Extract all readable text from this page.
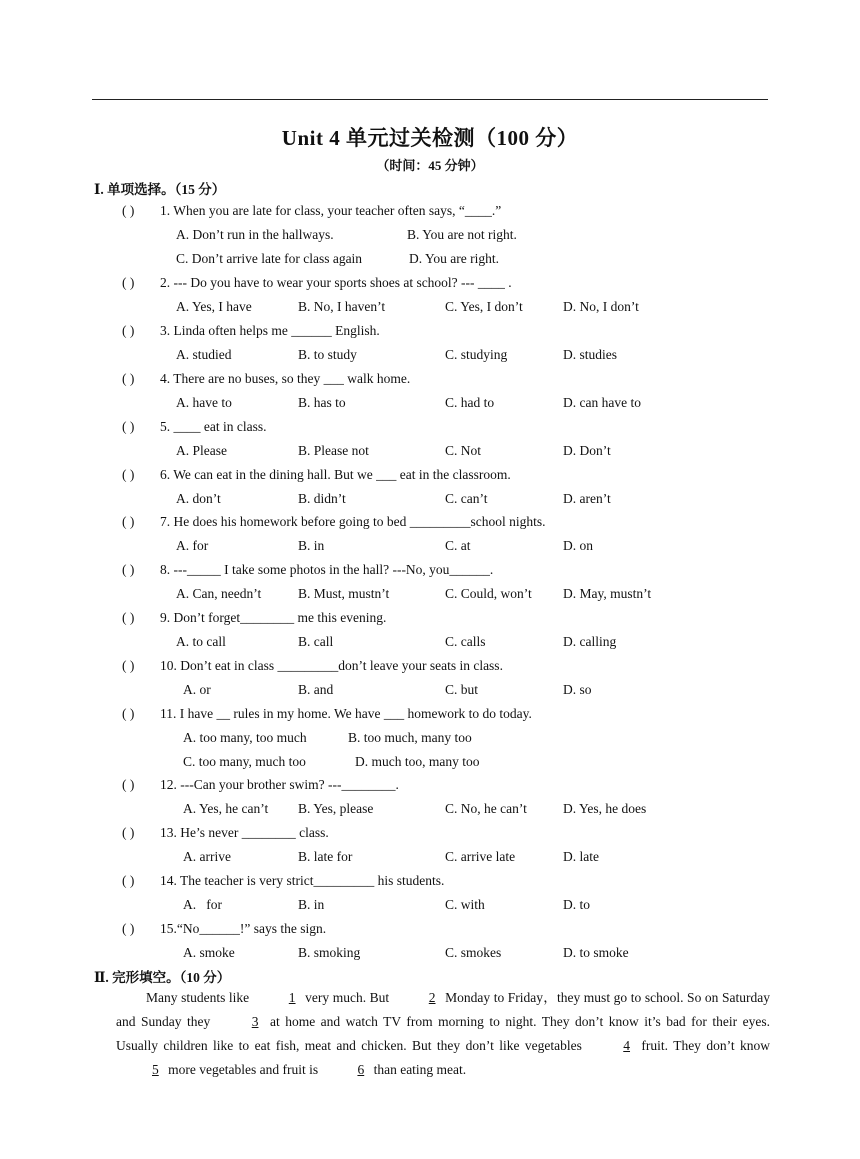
Unit 4 单元过关检测（100 分）
（时间：45 分钟）
Ⅰ. 单项选择。（15 分）
( ) 1. When you are late for class, your teacher often says, “____.”
A. Don’t run in the hallways.	B. You are not right.
C. Don’t arrive late for class again	D. You are right.
( ) 2. --- Do you have to wear your sports shoes at school? --- ____ .
A. Yes, I have	B. No, I haven’t	C. Yes, I don’t	D. No, I don’t
( ) 3. Linda often helps me ______ English.
A. studied	B. to study	C. studying	D. studies
( ) 4. There are no buses, so they ___ walk home.
A. have to	B. has to	C. had to	D. can have to
( ) 5. ____ eat in class.
A. Please	B. Please not	C. Not	D. Don’t
( ) 6. We can eat in the dining hall. But we ___ eat in the classroom.
A. don’t	B. didn’t	C. can’t	D. aren’t
( ) 7. He does his homework before going to bed _________school nights.
A. for	B. in	C. at	D. on
( ) 8. ---_____ I take some photos in the hall? ---No, you______.
A. Can, needn’t	B. Must, mustn’t	C. Could, won’t D. May, mustn’t
( ) 9. Don’t forget________ me this evening.
A. to call	B. call	C. calls	D. calling
( ) 10. Don’t eat in class _________don’t leave your seats in class.
A. or	B. and	C. but	D. so
( ) 11. I have __ rules in my home. We have ___ homework to do today.
A. too many, too much	B. too much, many too
C. too many, much too	D. much too, many too
( ) 12. ---Can your brother swim? ---________.
A. Yes, he can’t B. Yes, please	C. No, he can’t	D. Yes, he does
( ) 13. He’s never ________ class.
A. arrive	B. late for	C. arrive late	D. late
( ) 14. The teacher is very strict_________ his students.
A.   for	B. in	C. with	D. to
( ) 15.“No______!” says the sign.
A. smoke	B. smoking	C. smokes	D. to smoke
Ⅱ. 完形填空。（10 分）

Many students like	1 very much. But	2 Monday to Friday，they must go to school. So on Saturday and Sunday they	3 at home and watch TV from morning to night. They don’t know it’s bad for their eyes. Usually children like to eat fish, meat and chicken. But they don’t like vegetables	4 fruit. They don’t know 5 more vegetables and fruit is	6 than eating meat.
